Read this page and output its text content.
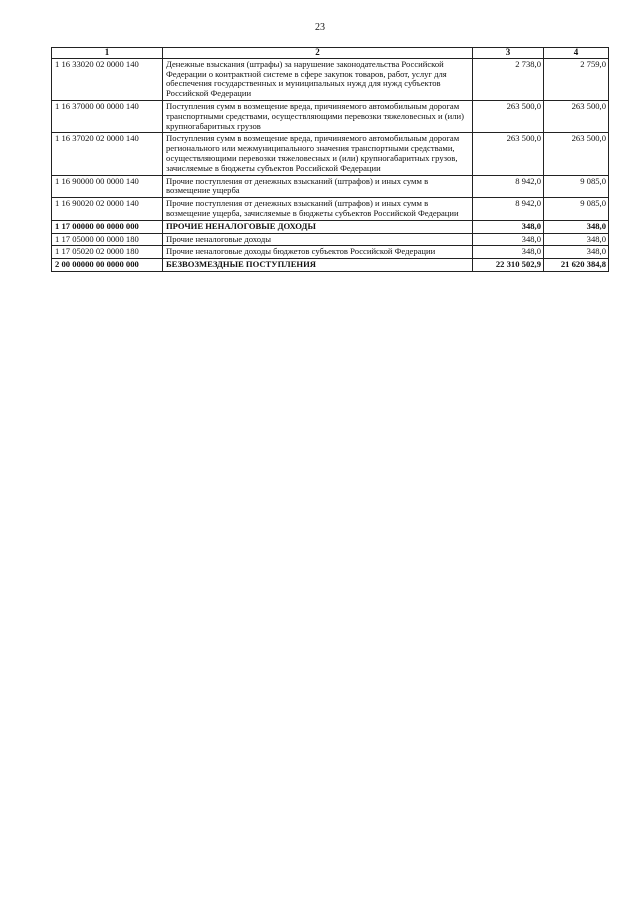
23
1	2	3	4
1 16 33020 02 0000 140	Денежные взыскания (штрафы) за нарушение законодательства Российской Федерации о контрактной системе в сфере закупок товаров, работ, услуг для обеспечения государственных и муниципальных нужд для нужд субъектов Российской Федерации	2 738,0	2 759,0
1 16 37000 00 0000 140	Поступления сумм в возмещение вреда, причиняемого автомобильным дорогам транспортными средствами, осуществляющими перевозки тяжеловесных и (или) крупногабаритных грузов	263 500,0	263 500,0
1 16 37020 02 0000 140	Поступления сумм в возмещение вреда, причиняемого автомобильным дорогам регионального или межмуниципального значения транспортными средствами, осуществляющими перевозки тяжеловесных и (или) крупногабаритных грузов, зачисляемые в бюджеты субъектов Российской Федерации	263 500,0	263 500,0
1 16 90000 00 0000 140	Прочие поступления от денежных взысканий (штрафов) и иных сумм в возмещение ущерба	8 942,0	9 085,0
1 16 90020 02 0000 140	Прочие поступления от денежных взысканий (штрафов) и иных сумм в возмещение ущерба, зачисляемые в бюджеты субъектов Российской Федерации	8 942,0	9 085,0
1 17 00000 00 0000 000	ПРОЧИЕ НЕНАЛОГОВЫЕ ДОХОДЫ	348,0	348,0
1 17 05000 00 0000 180	Прочие неналоговые доходы	348,0	348,0
1 17 05020 02 0000 180	Прочие неналоговые доходы бюджетов субъектов Российской Федерации	348,0	348,0
2 00 00000 00 0000 000	БЕЗВОЗМЕЗДНЫЕ ПОСТУПЛЕНИЯ	22 310 502,9	21 620 384,8
